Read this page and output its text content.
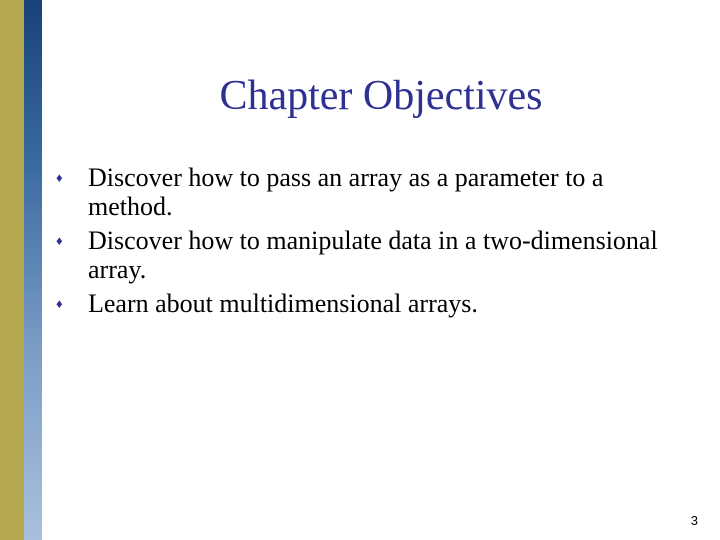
Chapter Objectives
♦ Discover how to pass an array as a parameter to a method.
♦ Discover how to manipulate data in a two-dimensional array.
♦ Learn about multidimensional arrays.
3
